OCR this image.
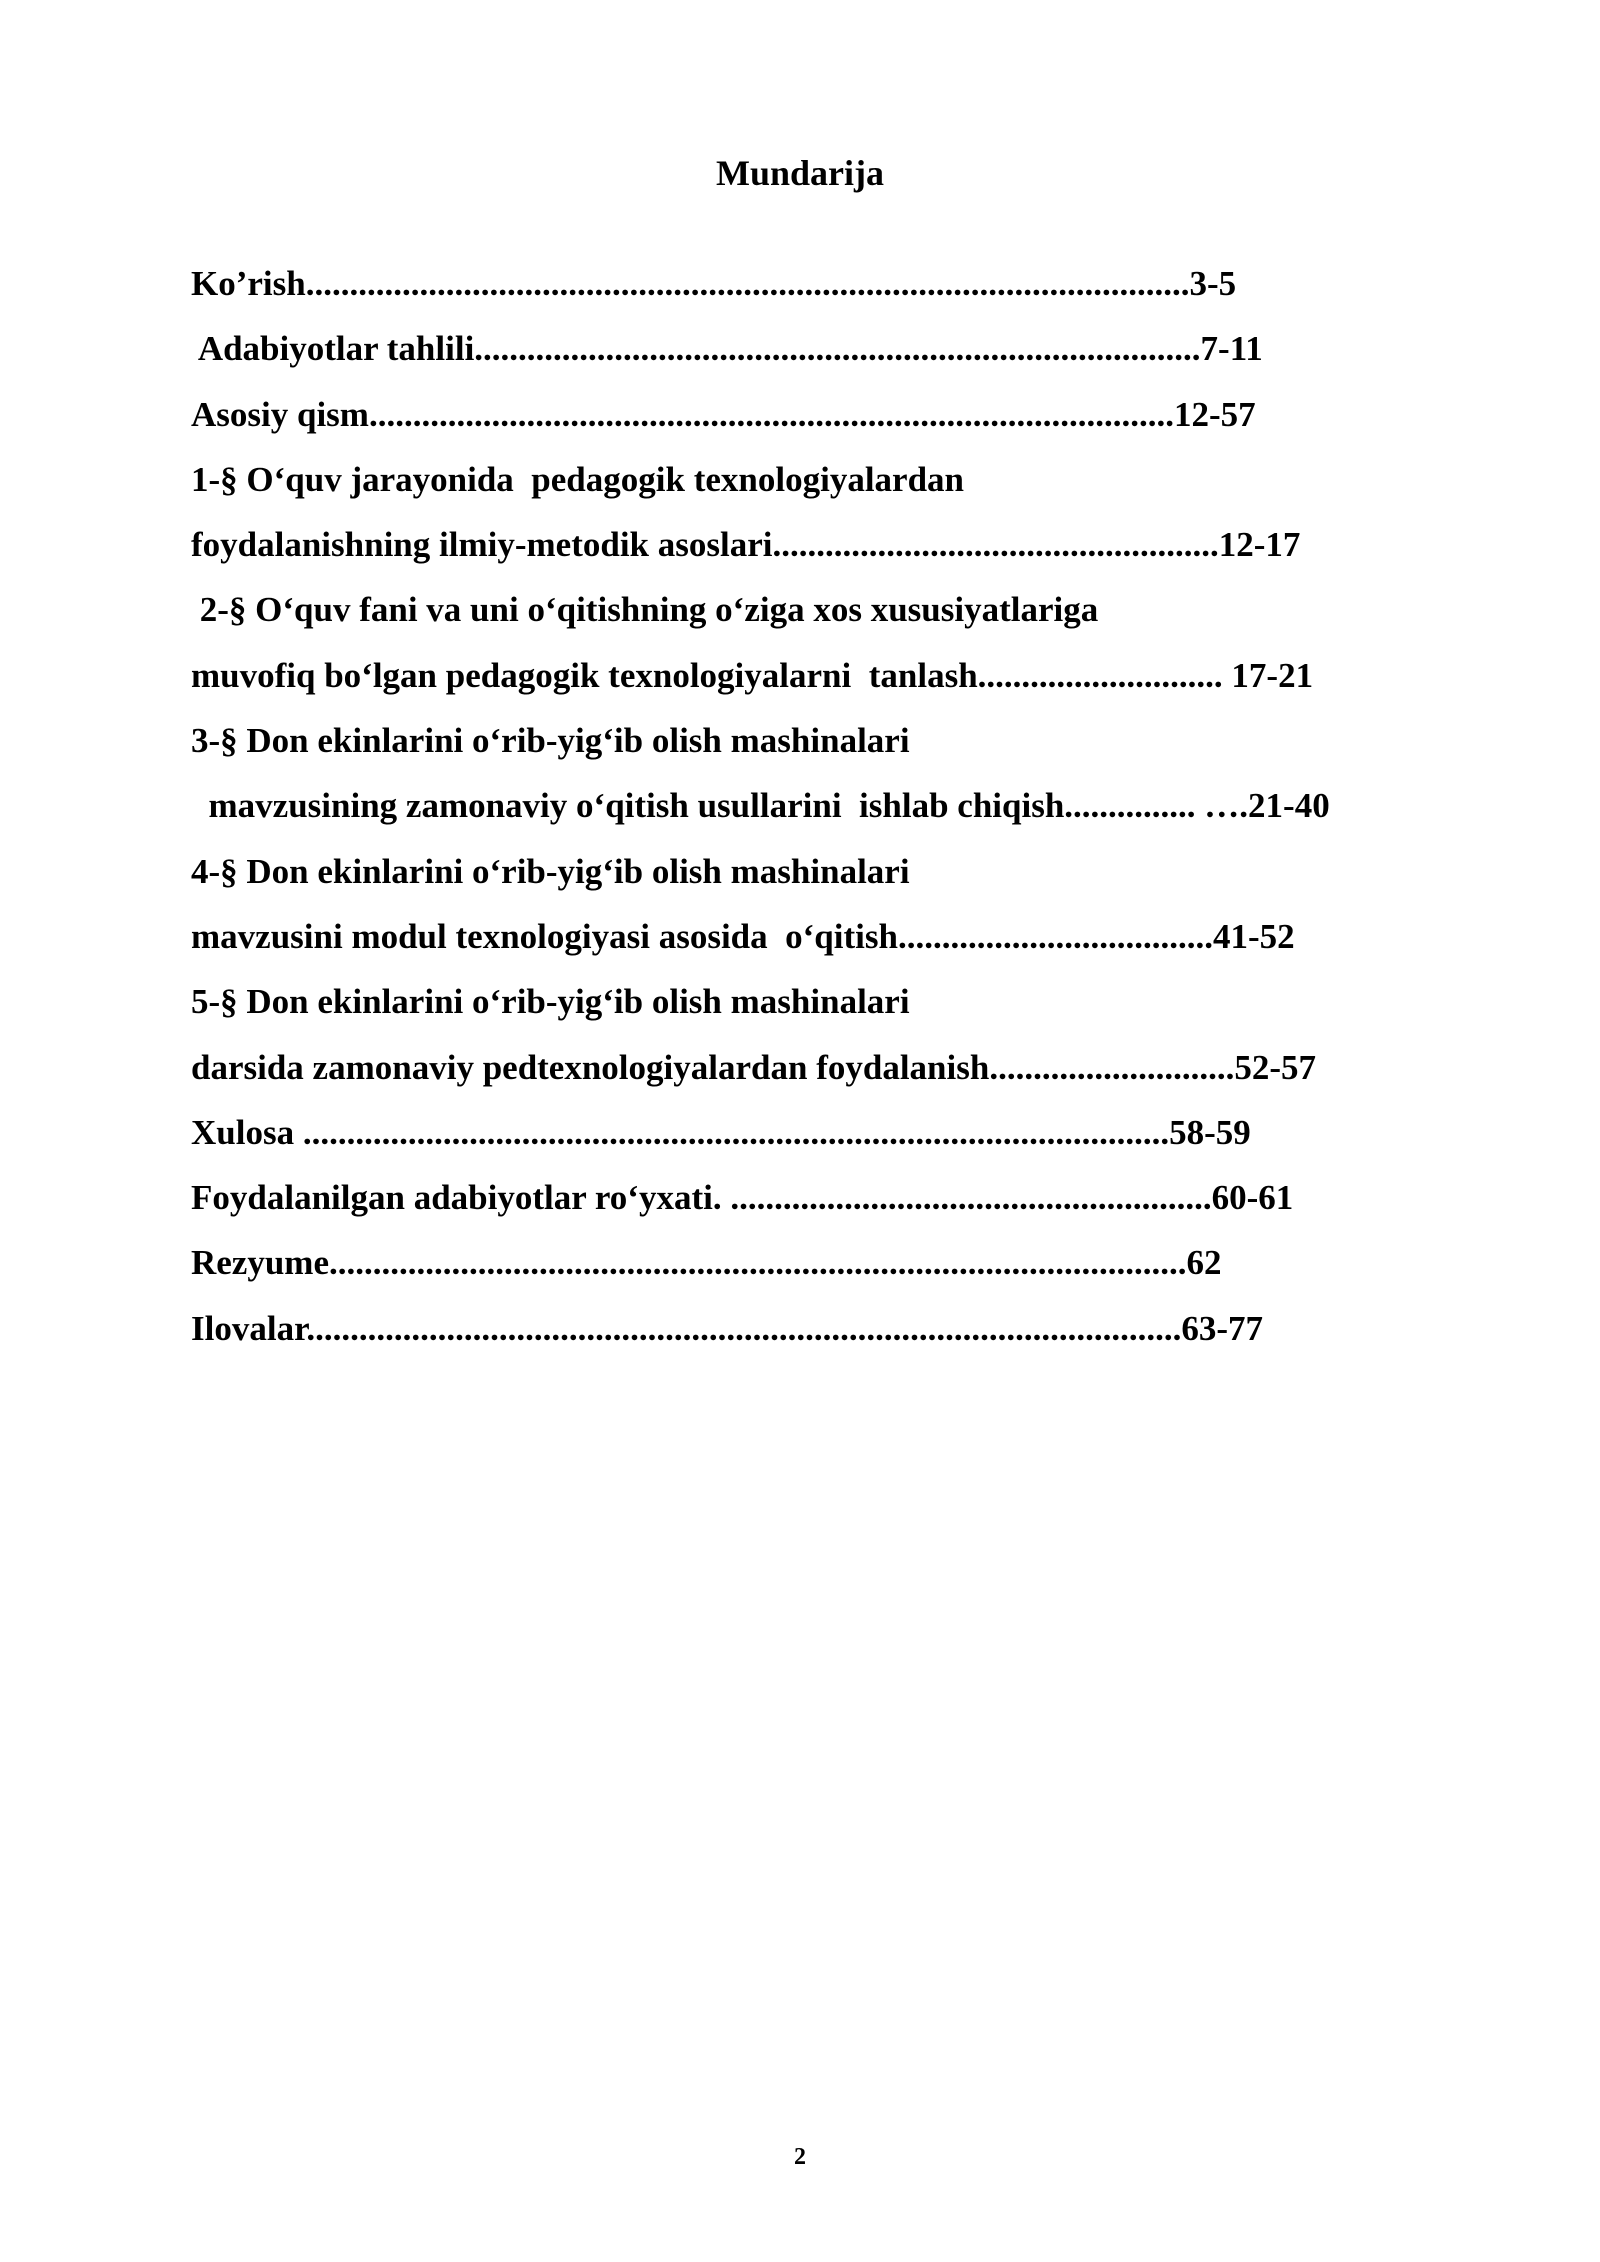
Mundarija
Ko’rish.....................................................................................................3-5
Adabiyotlar tahlili...................................................................................7-11
Asosiy qism............................................................................................12-57
1-§ O‘quv jarayonida  pedagogik texnologiyalardan
foydalanishning ilmiy-metodik asoslari...................................................12-17
2-§ O‘quv fani va uni o‘qitishning o‘ziga xos xususiyatlariga
muvofiq bo‘lgan pedagogik texnologiyalarni  tanlash............................ 17-21
3-§ Don ekinlarini o‘rib-yig‘ib olish mashinalari
mavzusining zamonaviy o‘qitish usullarini  ishlab chiqish............... ….21-40
4-§ Don ekinlarini o‘rib-yig‘ib olish mashinalari
mavzusini modul texnologiyasi asosida  o‘qitish....................................41-52
5-§ Don ekinlarini o‘rib-yig‘ib olish mashinalari
darsida zamonaviy pedtexnologiyalardan foydalanish............................52-57
Xulosa ...................................................................................................58-59
Foydalanilgan adabiyotlar ro‘yxati. .......................................................60-61
Rezyume..................................................................................................62
Ilovalar....................................................................................................63-77
2
